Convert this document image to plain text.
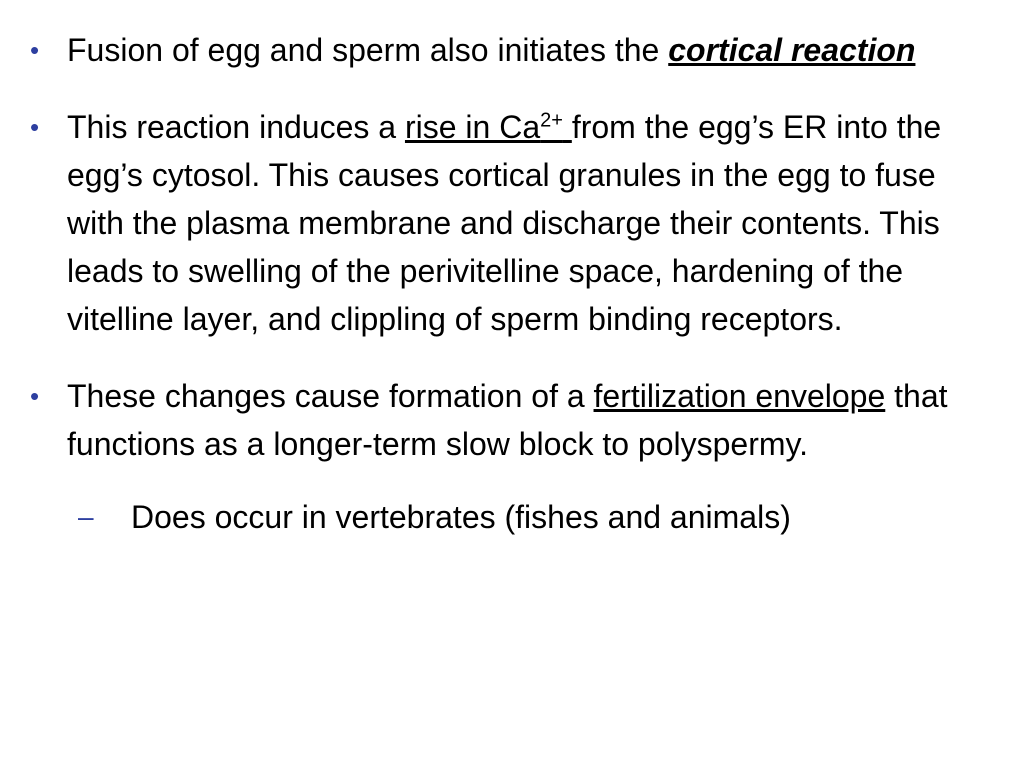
• Fusion of egg and sperm also initiates the cortical reaction
• This reaction induces a rise in $Ca^{2+}$ from the egg’s ER into the egg’s cytosol. This causes cortical granules in the egg to fuse with the plasma membrane and discharge their contents. This leads to swelling of the perivitelline space, hardening of the vitelline layer, and clippling of sperm binding receptors.
• These changes cause formation of a fertilization envelope that functions as a longer-term slow block to polyspermy.
– Does occur in vertebrates (fishes and animals)
